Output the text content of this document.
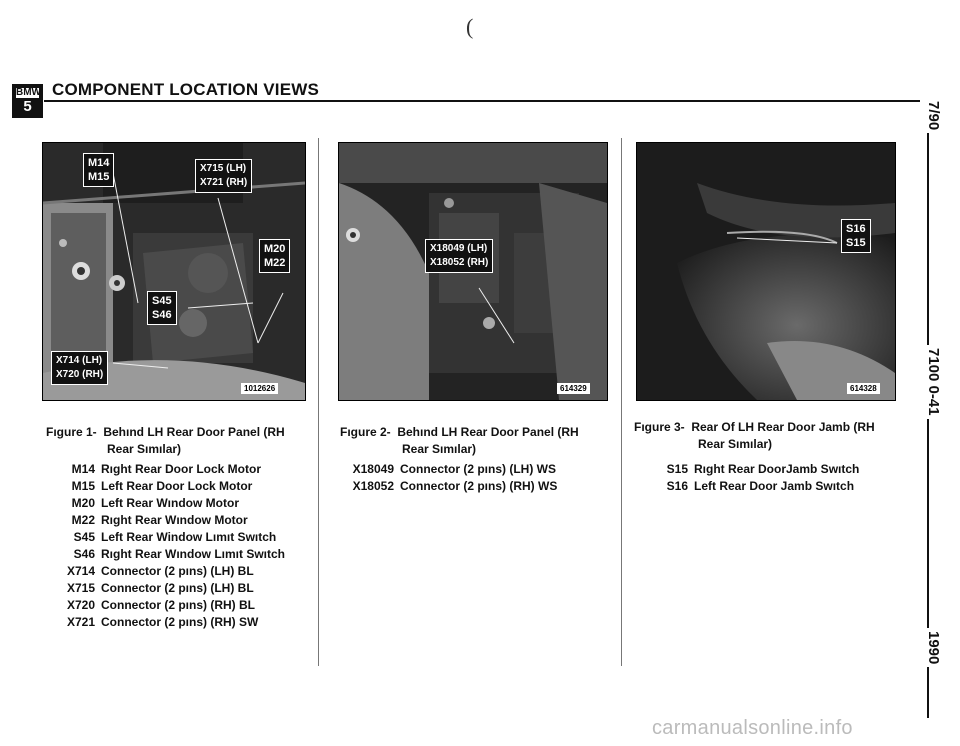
(
BMW
5
COMPONENT LOCATION VIEWS
7/90
7100 0-41
1990
M14
M15
X715 (LH)
X721 (RH)
M20
M22
S45
S46
X714 (LH)
X720 (RH)
1012626
X18049 (LH)
X18052 (RH)
614329
S16
S15
614328
Fıgure 1- Behınd LH Rear Door Panel (RH
Rear Sımılar)
M14 Rıght Rear Door Lock Motor
M15 Left Rear Door Lock Motor
M20 Left Rear Wındow Motor
M22 Rıght Rear Wındow Motor
S45 Left Rear Window Lımıt Swıtch
S46 Rıght Rear Wındow Lımıt Swıtch
X714 Connector (2 pıns) (LH) BL
X715 Connector (2 pıns) (LH) BL
X720 Connector (2 pıns) (RH) BL
X721 Connector (2 pıns) (RH) SW
Fıgure 2- Behınd LH Rear Door Panel (RH
Rear Sımılar)
X18049 Connector (2 pıns) (LH) WS
X18052 Connector (2 pıns) (RH) WS
Fıgure 3- Rear Of LH Rear Door Jamb (RH
Rear Sımılar)
S15 Rıght Rear DoorJamb Swıtch
S16 Left Rear Door Jamb Swıtch
carmanualsonline.info
